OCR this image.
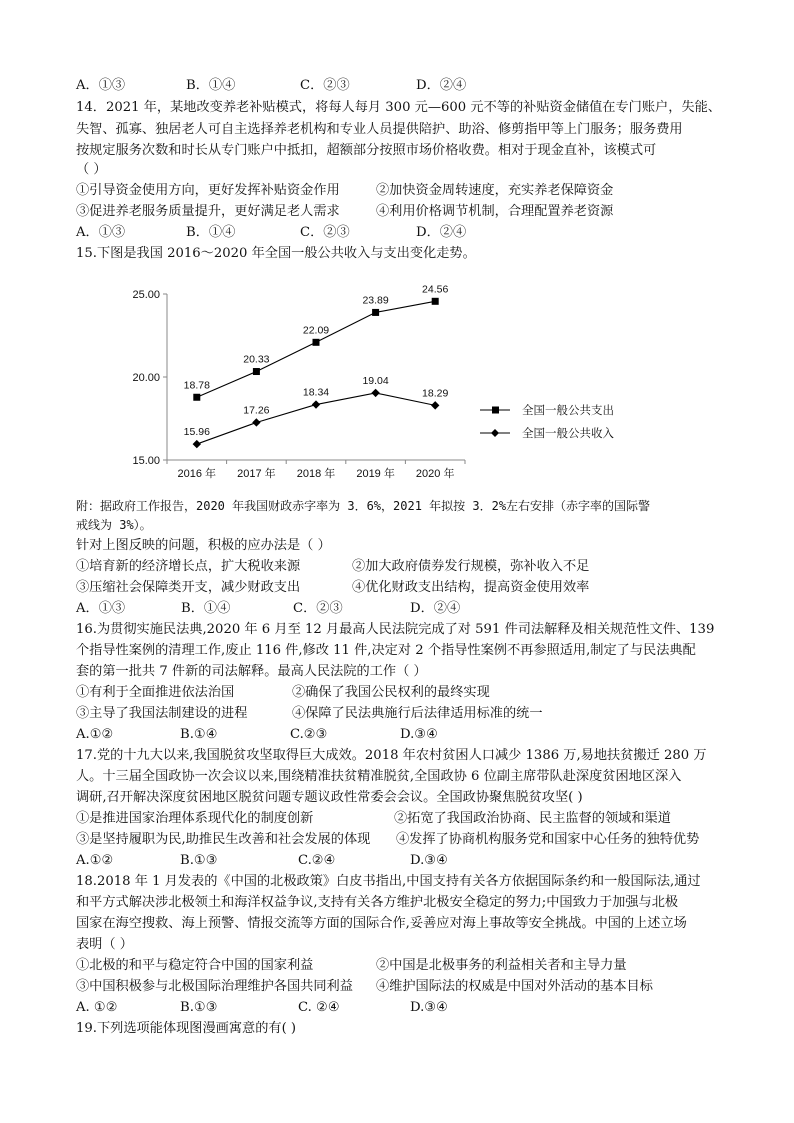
A．①③	B．①④	C．②③	D．②④
14．2021 年，某地改变养老补贴模式，将每人每月 300 元—600 元不等的补贴资金储值在专门账户，失能、
失智、孤寡、独居老人可自主选择养老机构和专业人员提供陪护、助浴、修剪指甲等上门服务；服务费用
按规定服务次数和时长从专门账户中抵扣，超额部分按照市场价格收费。相对于现金直补，该模式可
（ ）
①引导资金使用方向，更好发挥补贴资金作用	②加快资金周转速度，充实养老保障资金
③促进养老服务质量提升，更好满足老人需求	④利用价格调节机制，合理配置养老资源
A．①③	B．①④	C．②③	D．②④
15.下图是我国 2016～2020 年全国一般公共收入与支出变化走势。
25.00
20.00
15.00
2016 年 2017 年 2018 年 2019 年 2020 年
18.78
20.33
22.09
23.89
24.56
15.96
17.26
18.34
19.04
18.29
全国一般公共支出
全国一般公共收入
附：据政府工作报告，2020 年我国财政赤字率为 3．6%，2021 年拟按 3．2%左右安排（赤字率的国际警
戒线为 3%）。
针对上图反映的问题，积极的应办法是（ ）
①培育新的经济增长点，扩大税收来源	②加大政府债券发行规模，弥补收入不足
③压缩社会保障类开支，减少财政支出	④优化财政支出结构，提高资金使用效率
A．①③	B．①④	C．②③	D．②④
16.为贯彻实施民法典,2020 年 6 月至 12 月最高人民法院完成了对 591 件司法解释及相关规范性文件、139
个指导性案例的清理工作,废止 116 件,修改 11 件,决定对 2 个指导性案例不再参照适用,制定了与民法典配
套的第一批共 7 件新的司法解释。最高人民法院的工作（ ）
①有利于全面推进依法治国	②确保了我国公民权利的最终实现
③主导了我国法制建设的进程	④保障了民法典施行后法律适用标准的统一
A.①②	B.①④	C.②③	D.③④
17.党的十九大以来,我国脱贫攻坚取得巨大成效。2018 年农村贫困人口减少 1386 万,易地扶贫搬迁 280 万
人。十三届全国政协一次会议以来,围绕精准扶贫精准脱贫,全国政协 6 位副主席带队赴深度贫困地区深入
调研,召开解决深度贫困地区脱贫问题专题议政性常委会会议。全国政协聚焦脱贫攻坚( )
①是推进国家治理体系现代化的制度创新	②拓宽了我国政治协商、民主监督的领域和渠道
③是坚持履职为民,助推民生改善和社会发展的体现 ④发挥了协商机构服务党和国家中心任务的独特优势
A.①②	B.①③	C.②④	D.③④
18.2018 年 1 月发表的《中国的北极政策》白皮书指出,中国支持有关各方依据国际条约和一般国际法,通过
和平方式解决涉北极领土和海洋权益争议,支持有关各方维护北极安全稳定的努力;中国致力于加强与北极
国家在海空搜救、海上预警、情报交流等方面的国际合作,妥善应对海上事故等安全挑战。中国的上述立场
表明（ ）
①北极的和平与稳定符合中国的国家利益	②中国是北极事务的利益相关者和主导力量
③中国积极参与北极国际治理维护各国共同利益 ④维护国际法的权威是中国对外活动的基本目标
A. ①②	B.①③	C. ②④	D.③④
19.下列选项能体现图漫画寓意的有( )
